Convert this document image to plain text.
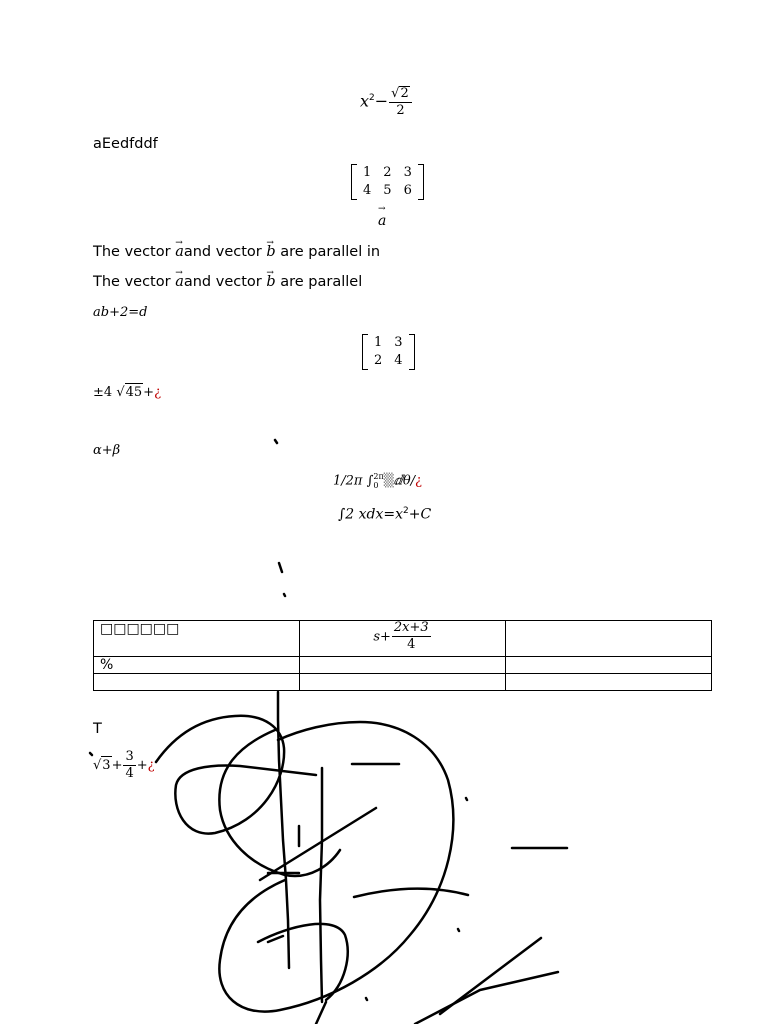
$x^2- \frac{√ 2}{2}$
aEedfddf
1	2	3
4	5	6
→ a
The vector → aand vector → b are parallel in
The vector → aand vector → b are parallel
ab+2=d
1	3
2	4
±4 √ 45 +¿
α+β
1/2π ∫ 2π
0 ▒ⅆθ/¿
∫2 $xdx=x^2+C$
□□□□□□	$s+ \frac{2x+3}{4}$

%		

T
√ $3 + \frac{3}{4}$ +¿
